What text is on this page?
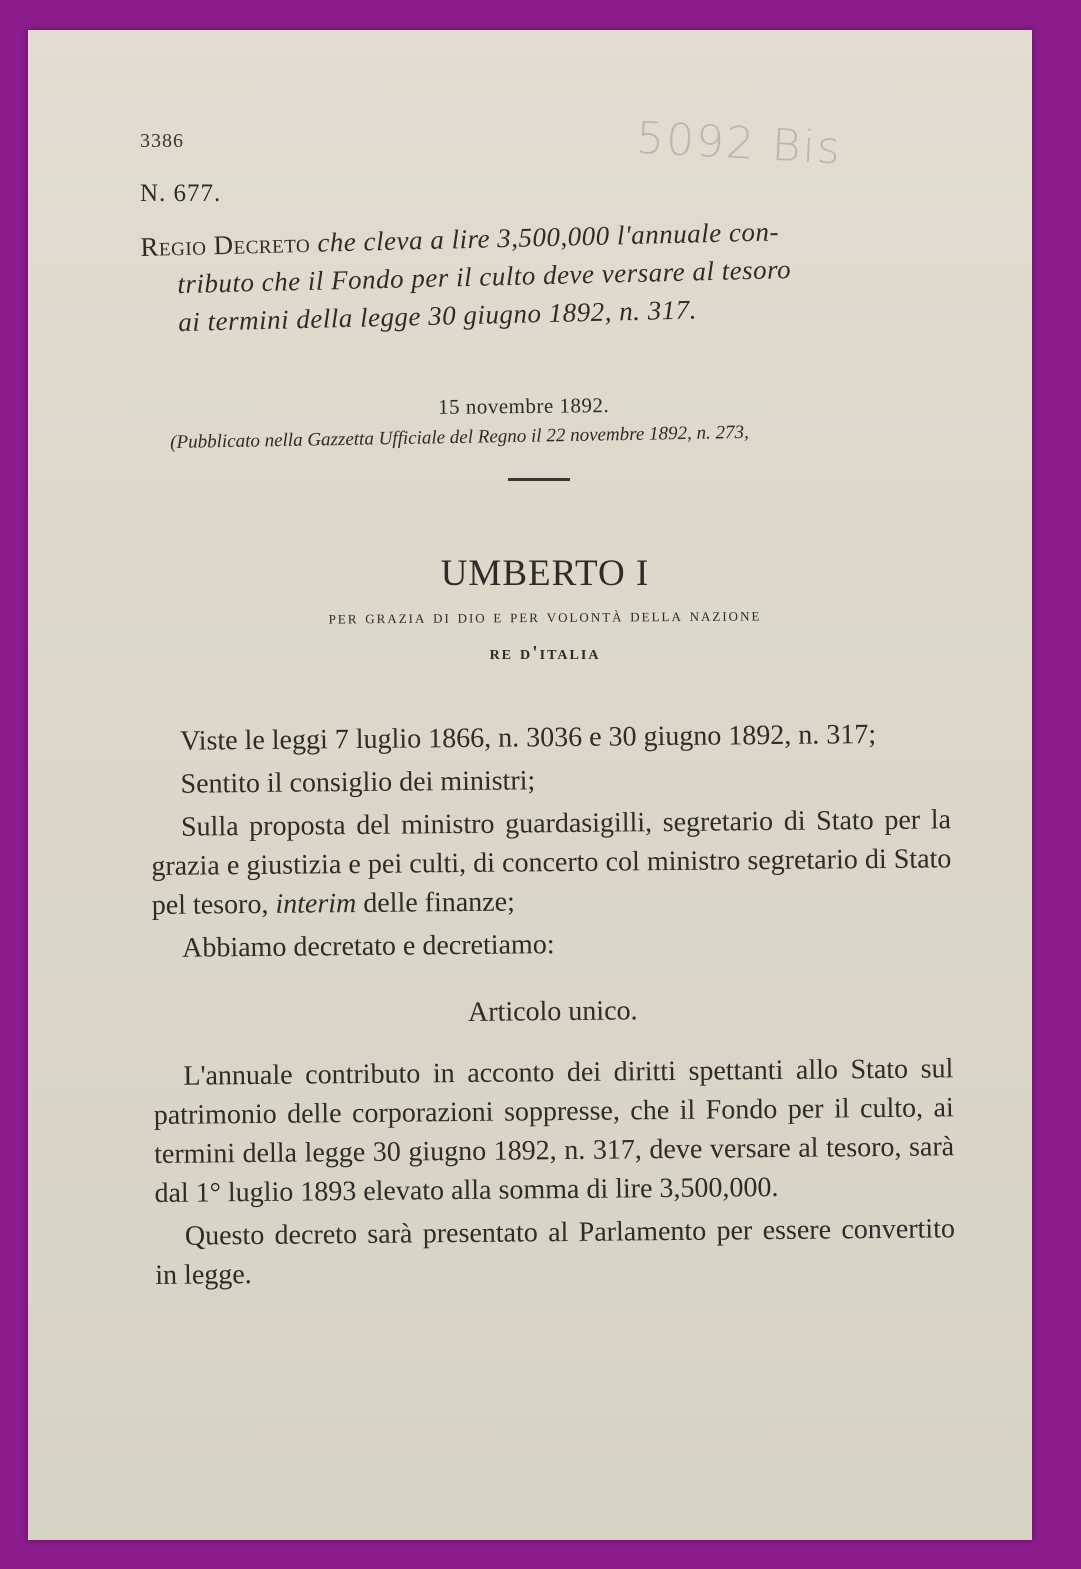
3386	5092 Bis
N. 677.
Regio Decreto che cleva a lire 3,500,000 l'annuale con-
tributo che il Fondo per il culto deve versare al tesoro
ai termini della legge 30 giugno 1892, n. 317.
15 novembre 1892.
(Pubblicato nella Gazzetta Ufficiale del Regno il 22 novembre 1892, n. 273,
UMBERTO I
per grazia di dio e per volontà della nazione
re d'italia

Viste le leggi 7 luglio 1866, n. 3036 e 30 giugno 1892, n. 317;

Sentito il consiglio dei ministri;

Sulla proposta del ministro guardasigilli, segretario di Stato per la grazia e giustizia e pei culti, di concerto col ministro segretario di Stato pel tesoro, interim delle finanze;

Abbiamo decretato e decretiamo:

Articolo unico.

L'annuale contributo in acconto dei diritti spettanti allo Stato sul patrimonio delle corporazioni soppresse, che il Fondo per il culto, ai termini della legge 30 giugno 1892, n. 317, deve versare al tesoro, sarà dal 1° luglio 1893 elevato alla somma di lire 3,500,000.

Questo decreto sarà presentato al Parlamento per essere convertito in legge.
